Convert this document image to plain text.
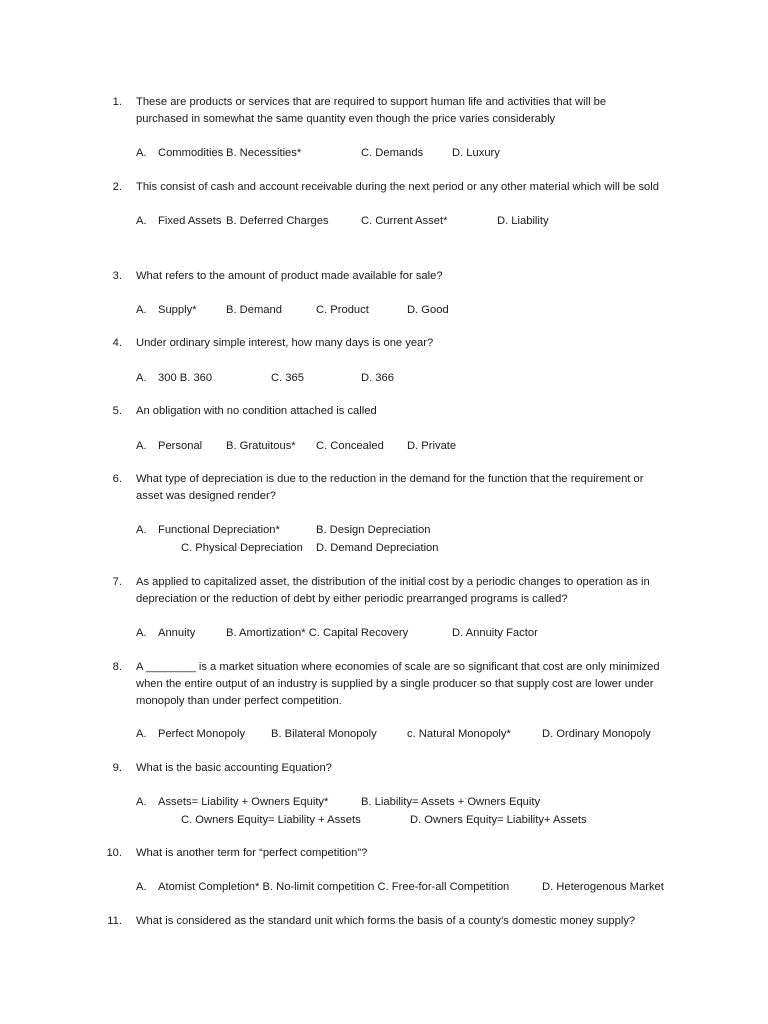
1. These are products or services that are required to support human life and activities that will be
purchased in somewhat the same quantity even though the price varies considerably
A. Commodities B. Necessities*	C. Demands	D. Luxury
2. This consist of cash and account receivable during the next period or any other material which will be sold
A. Fixed Assets B. Deferred Charges	C. Current Asset*	D. Liability
3. What refers to the amount of product made available for sale?
A. Supply*	B. Demand	C. Product	D. Good
4. Under ordinary simple interest, how many days is one year?
A. 300 B. 360	C. 365	D. 366
5. An obligation with no condition attached is called
A. Personal B. Gratuitous* C. Concealed D. Private
6. What type of depreciation is due to the reduction in the demand for the function that the requirement or
asset was designed render?
A. Functional Depreciation*	B. Design Depreciation
C. Physical Depreciation D. Demand Depreciation
7. As applied to capitalized asset, the distribution of the initial cost by a periodic changes to operation as in
depreciation or the reduction of debt by either periodic prearranged programs is called?
A. Annuity	B. Amortization* C. Capital Recovery	D. Annuity Factor
8. A ________ is a market situation where economies of scale are so significant that cost are only minimized
when the entire output of an industry is supplied by a single producer so that supply cost are lower under
monopoly than under perfect competition.
A. Perfect Monopoly B. Bilateral Monopoly	c. Natural Monopoly*	D. Ordinary Monopoly
9. What is the basic accounting Equation?
A. Assets= Liability + Owners Equity*	B. Liability= Assets + Owners Equity
C. Owners Equity= Liability + Assets	D. Owners Equity= Liability+ Assets
10. What is another term for “perfect competition”?
A. Atomist Completion* B. No-limit competition C. Free-for-all Competition	D. Heterogenous Market
11. What is considered as the standard unit which forms the basis of a county’s domestic money supply?
